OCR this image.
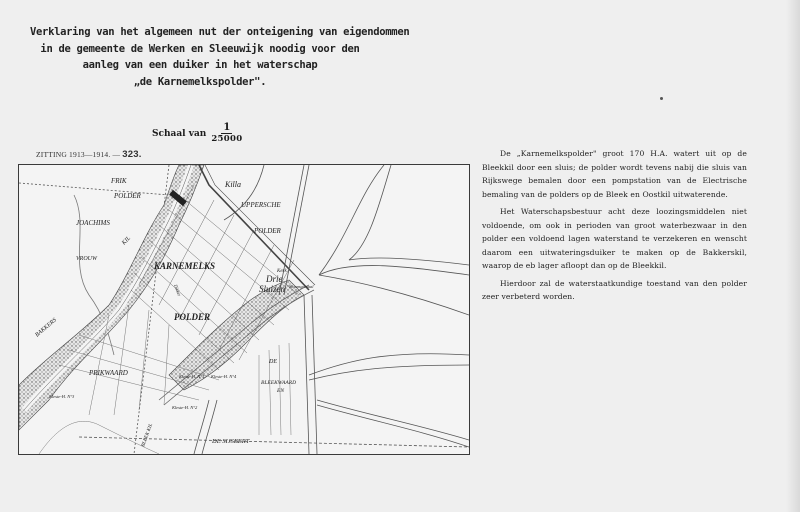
Verklaring van het algemeen nut der onteigening van eigendommen
in de gemeente de Werken en Sleeuwijk noodig voor den
aanleg van een duiker in het waterschap
„de Karnemelkspolder".
Schaal van $\frac{1}{25000}$
ZITTING 1913—1914. — 323.
FRIK
POLDER
JOACHIMS
VROUW
Killa
UPPERSCHE
POLDER
KARNEMELKS
POLDER
Drie
Sluizen
Kerk
Stoomgemaal
BAKKERS
KIL
PRIKWAARD
DE
BLEEKWAARD
EN
DE SIJSBERT
Kleste-H. N°3
Kleste-H. N°2
Kleste-H. N°1 Kleste-H. N°4
Dikker
BLEEK KIL

De „Karnemelkspolder" groot 170 H.A. watert uit op de Bleekkil door een sluis; de polder wordt tevens nabij die sluis van Rijkswege bemalen door een pompstation van de Electrische bemaling van de polders op de Bleek en Oostkil uitwaterende.

Het Waterschapsbestuur acht deze loozingsmiddelen niet voldoende, om ook in perioden van groot waterbezwaar in den polder een voldoend lagen waterstand te verzekeren en wenscht daarom een uitwateringsduiker te maken op de Bakkerskil, waarop de eb lager afloopt dan op de Bleekkil.

Hierdoor zal de waterstaatkundige toestand van den polder zeer verbeterd worden.
